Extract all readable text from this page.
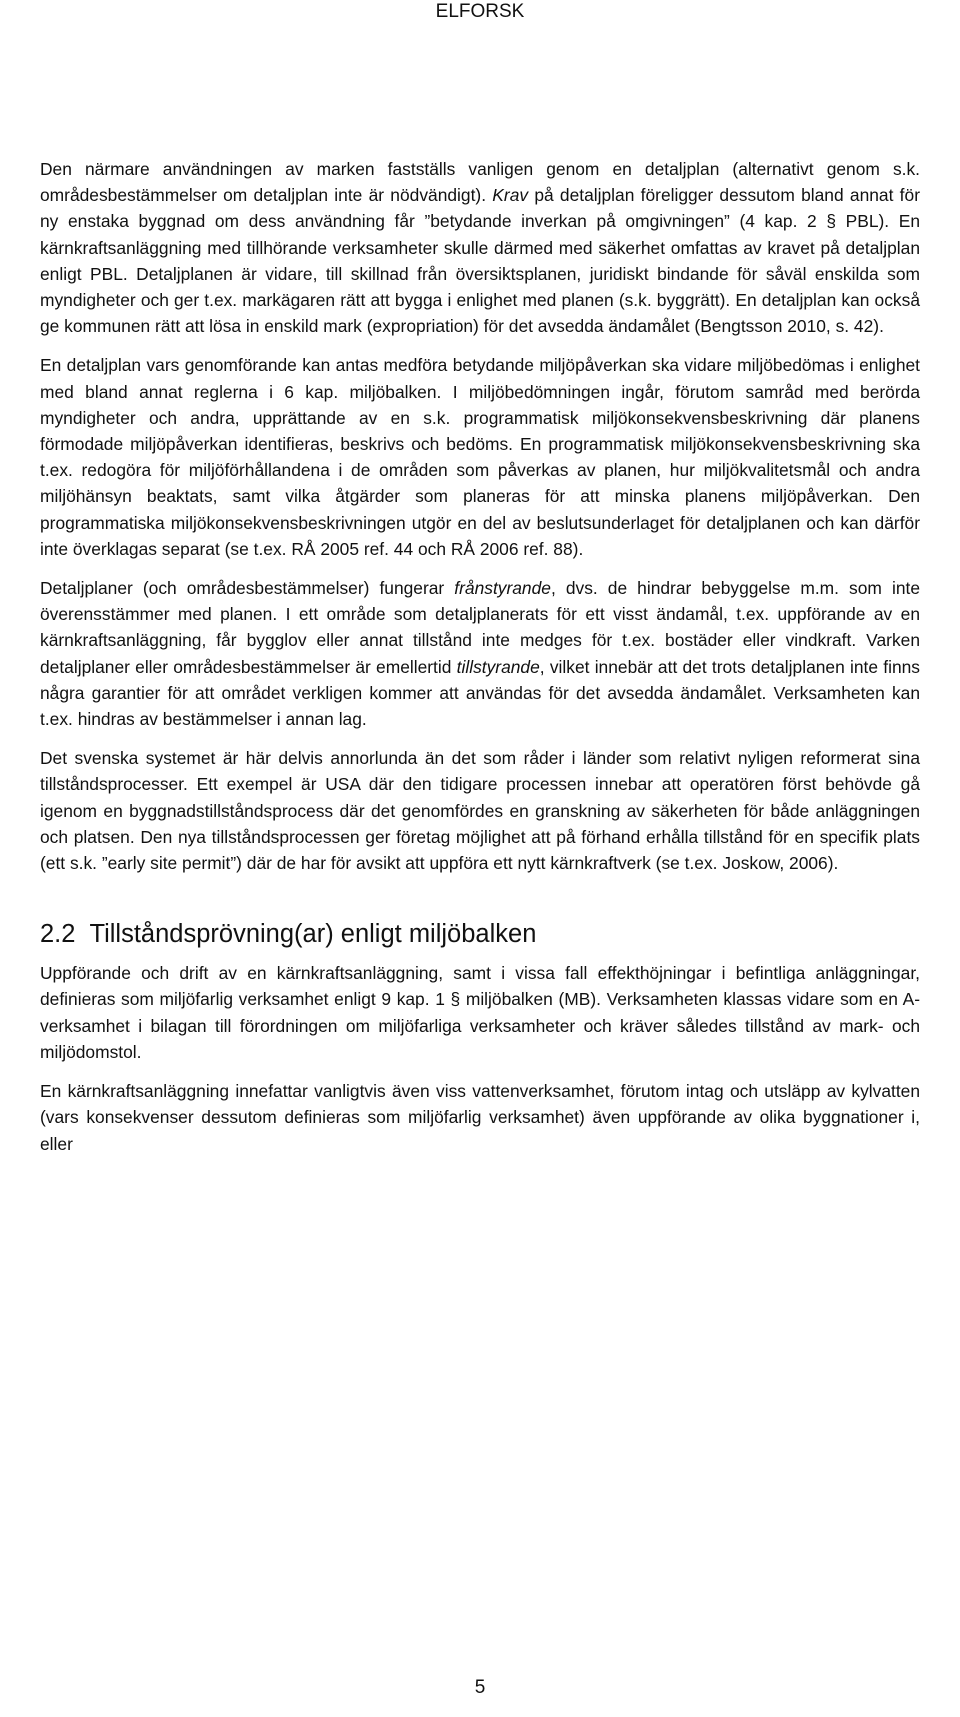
ELFORSK

Den närmare användningen av marken fastställs vanligen genom en detaljplan (alternativt genom s.k. områdesbestämmelser om detaljplan inte är nödvändigt). Krav på detaljplan föreligger dessutom bland annat för ny enstaka byggnad om dess användning får ”betydande inverkan på omgivningen” (4 kap. 2 § PBL). En kärnkraftsanläggning med tillhörande verksamheter skulle därmed med säkerhet omfattas av kravet på detaljplan enligt PBL. Detaljplanen är vidare, till skillnad från översiktsplanen, juridiskt bindande för såväl enskilda som myndigheter och ger t.ex. markägaren rätt att bygga i enlighet med planen (s.k. byggrätt). En detaljplan kan också ge kommunen rätt att lösa in enskild mark (expropriation) för det avsedda ändamålet (Bengtsson 2010, s. 42).

En detaljplan vars genomförande kan antas medföra betydande miljöpåverkan ska vidare miljöbedömas i enlighet med bland annat reglerna i 6 kap. miljöbalken. I miljöbedömningen ingår, förutom samråd med berörda myndigheter och andra, upprättande av en s.k. programmatisk miljökonsekvensbeskrivning där planens förmodade miljöpåverkan identifieras, beskrivs och bedöms. En programmatisk miljökonsekvensbeskrivning ska t.ex. redogöra för miljöförhållandena i de områden som påverkas av planen, hur miljökvalitetsmål och andra miljöhänsyn beaktats, samt vilka åtgärder som planeras för att minska planens miljöpåverkan. Den programmatiska miljökonsekvensbeskrivningen utgör en del av beslutsunderlaget för detaljplanen och kan därför inte överklagas separat (se t.ex. RÅ 2005 ref. 44 och RÅ 2006 ref. 88).

Detaljplaner (och områdesbestämmelser) fungerar frånstyrande, dvs. de hindrar bebyggelse m.m. som inte överensstämmer med planen. I ett område som detaljplanerats för ett visst ändamål, t.ex. uppförande av en kärnkraftsanläggning, får bygglov eller annat tillstånd inte medges för t.ex. bostäder eller vindkraft. Varken detaljplaner eller områdesbestämmelser är emellertid tillstyrande, vilket innebär att det trots detaljplanen inte finns några garantier för att området verkligen kommer att användas för det avsedda ändamålet. Verksamheten kan t.ex. hindras av bestämmelser i annan lag.

Det svenska systemet är här delvis annorlunda än det som råder i länder som relativt nyligen reformerat sina tillståndsprocesser. Ett exempel är USA där den tidigare processen innebar att operatören först behövde gå igenom en byggnadstillståndsprocess där det genomfördes en granskning av säkerheten för både anläggningen och platsen. Den nya tillståndsprocessen ger företag möjlighet att på förhand erhålla tillstånd för en specifik plats (ett s.k. ”early site permit”) där de har för avsikt att uppföra ett nytt kärnkraftverk (se t.ex. Joskow, 2006).

2.2 Tillståndsprövning(ar) enligt miljöbalken

Uppförande och drift av en kärnkraftsanläggning, samt i vissa fall effekthöjningar i befintliga anläggningar, definieras som miljöfarlig verksamhet enligt 9 kap. 1 § miljöbalken (MB). Verksamheten klassas vidare som en A-verksamhet i bilagan till förordningen om miljöfarliga verksamheter och kräver således tillstånd av mark- och miljödomstol.

En kärnkraftsanläggning innefattar vanligtvis även viss vattenverksamhet, förutom intag och utsläpp av kylvatten (vars konsekvenser dessutom definieras som miljöfarlig verksamhet) även uppförande av olika byggnationer i, eller

5
